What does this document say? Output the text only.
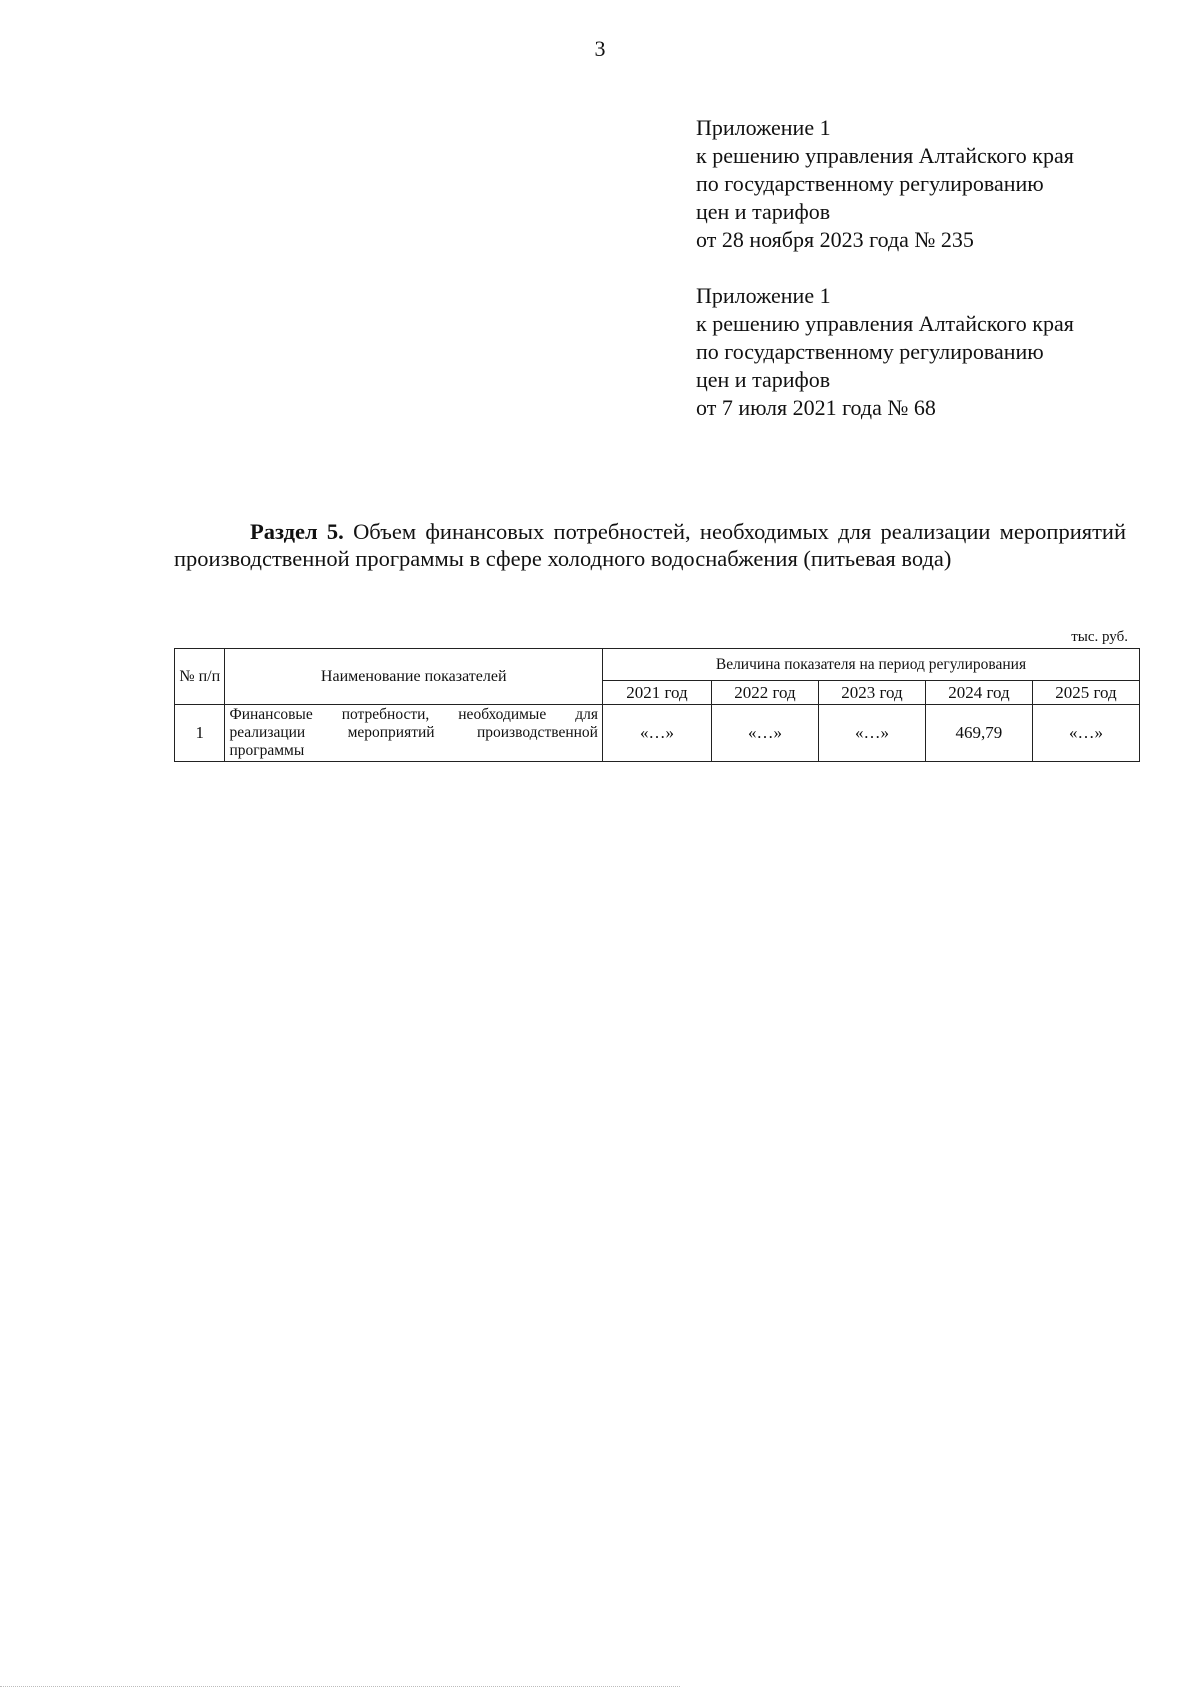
3
Приложение 1
к решению управления Алтайского края
по государственному регулированию
цен и тарифов
от 28 ноября 2023 года № 235
Приложение 1
к решению управления Алтайского края
по государственному регулированию
цен и тарифов
от 7 июля 2021 года № 68
Раздел 5. Объем финансовых потребностей, необходимых для реализации мероприятий производственной программы в сфере холодного водоснабжения (питьевая вода)
тыс. руб.
№ п/п	Наименование показателей	Величина показателя на период регулирования				
		2021 год	2022 год	2023 год	2024 год	2025 год
1	Финансовые потребности, необходимые для
реализации мероприятий производственной
программы	«…»	«…»	«…»	469,79	«…»
